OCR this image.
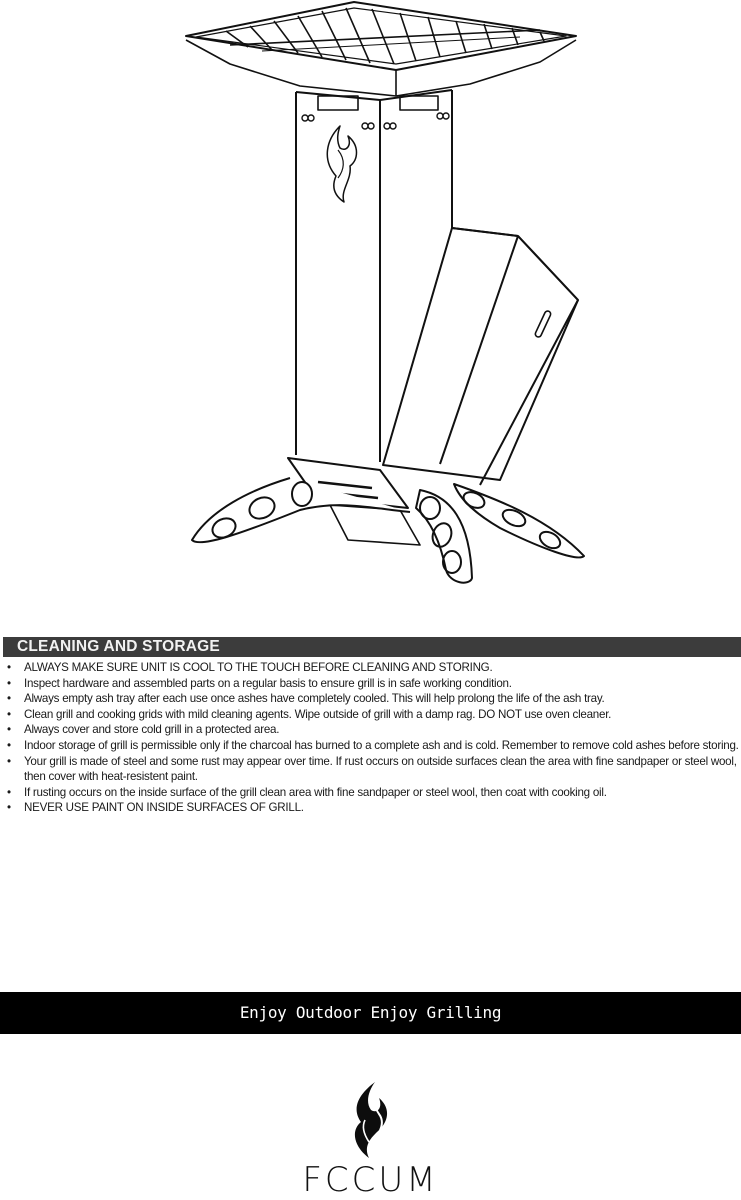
CLEANING AND STORAGE
• ALWAYS MAKE SURE UNIT IS COOL TO THE TOUCH BEFORE CLEANING AND STORING.
• Inspect hardware and assembled parts on a regular basis to ensure grill is in safe working condition.
• Always empty ash tray after each use once ashes have completely cooled. This will help prolong the life of the ash tray.
• Clean grill and cooking grids with mild cleaning agents. Wipe outside of grill with a damp rag. DO NOT use oven cleaner.
• Always cover and store cold grill in a protected area.
• Indoor storage of grill is permissible only if the charcoal has burned to a complete ash and is cold. Remember to remove cold ashes before storing.
• Your grill is made of steel and some rust may appear over time. If rust occurs on outside surfaces clean the area with fine sandpaper or steel wool, then cover with heat-resistent paint.
• If rusting occurs on the inside surface of the grill clean area with fine sandpaper or steel wool, then coat with cooking oil.
• NEVER USE PAINT ON INSIDE SURFACES OF GRILL.
Enjoy Outdoor Enjoy Grilling
FCCUM
